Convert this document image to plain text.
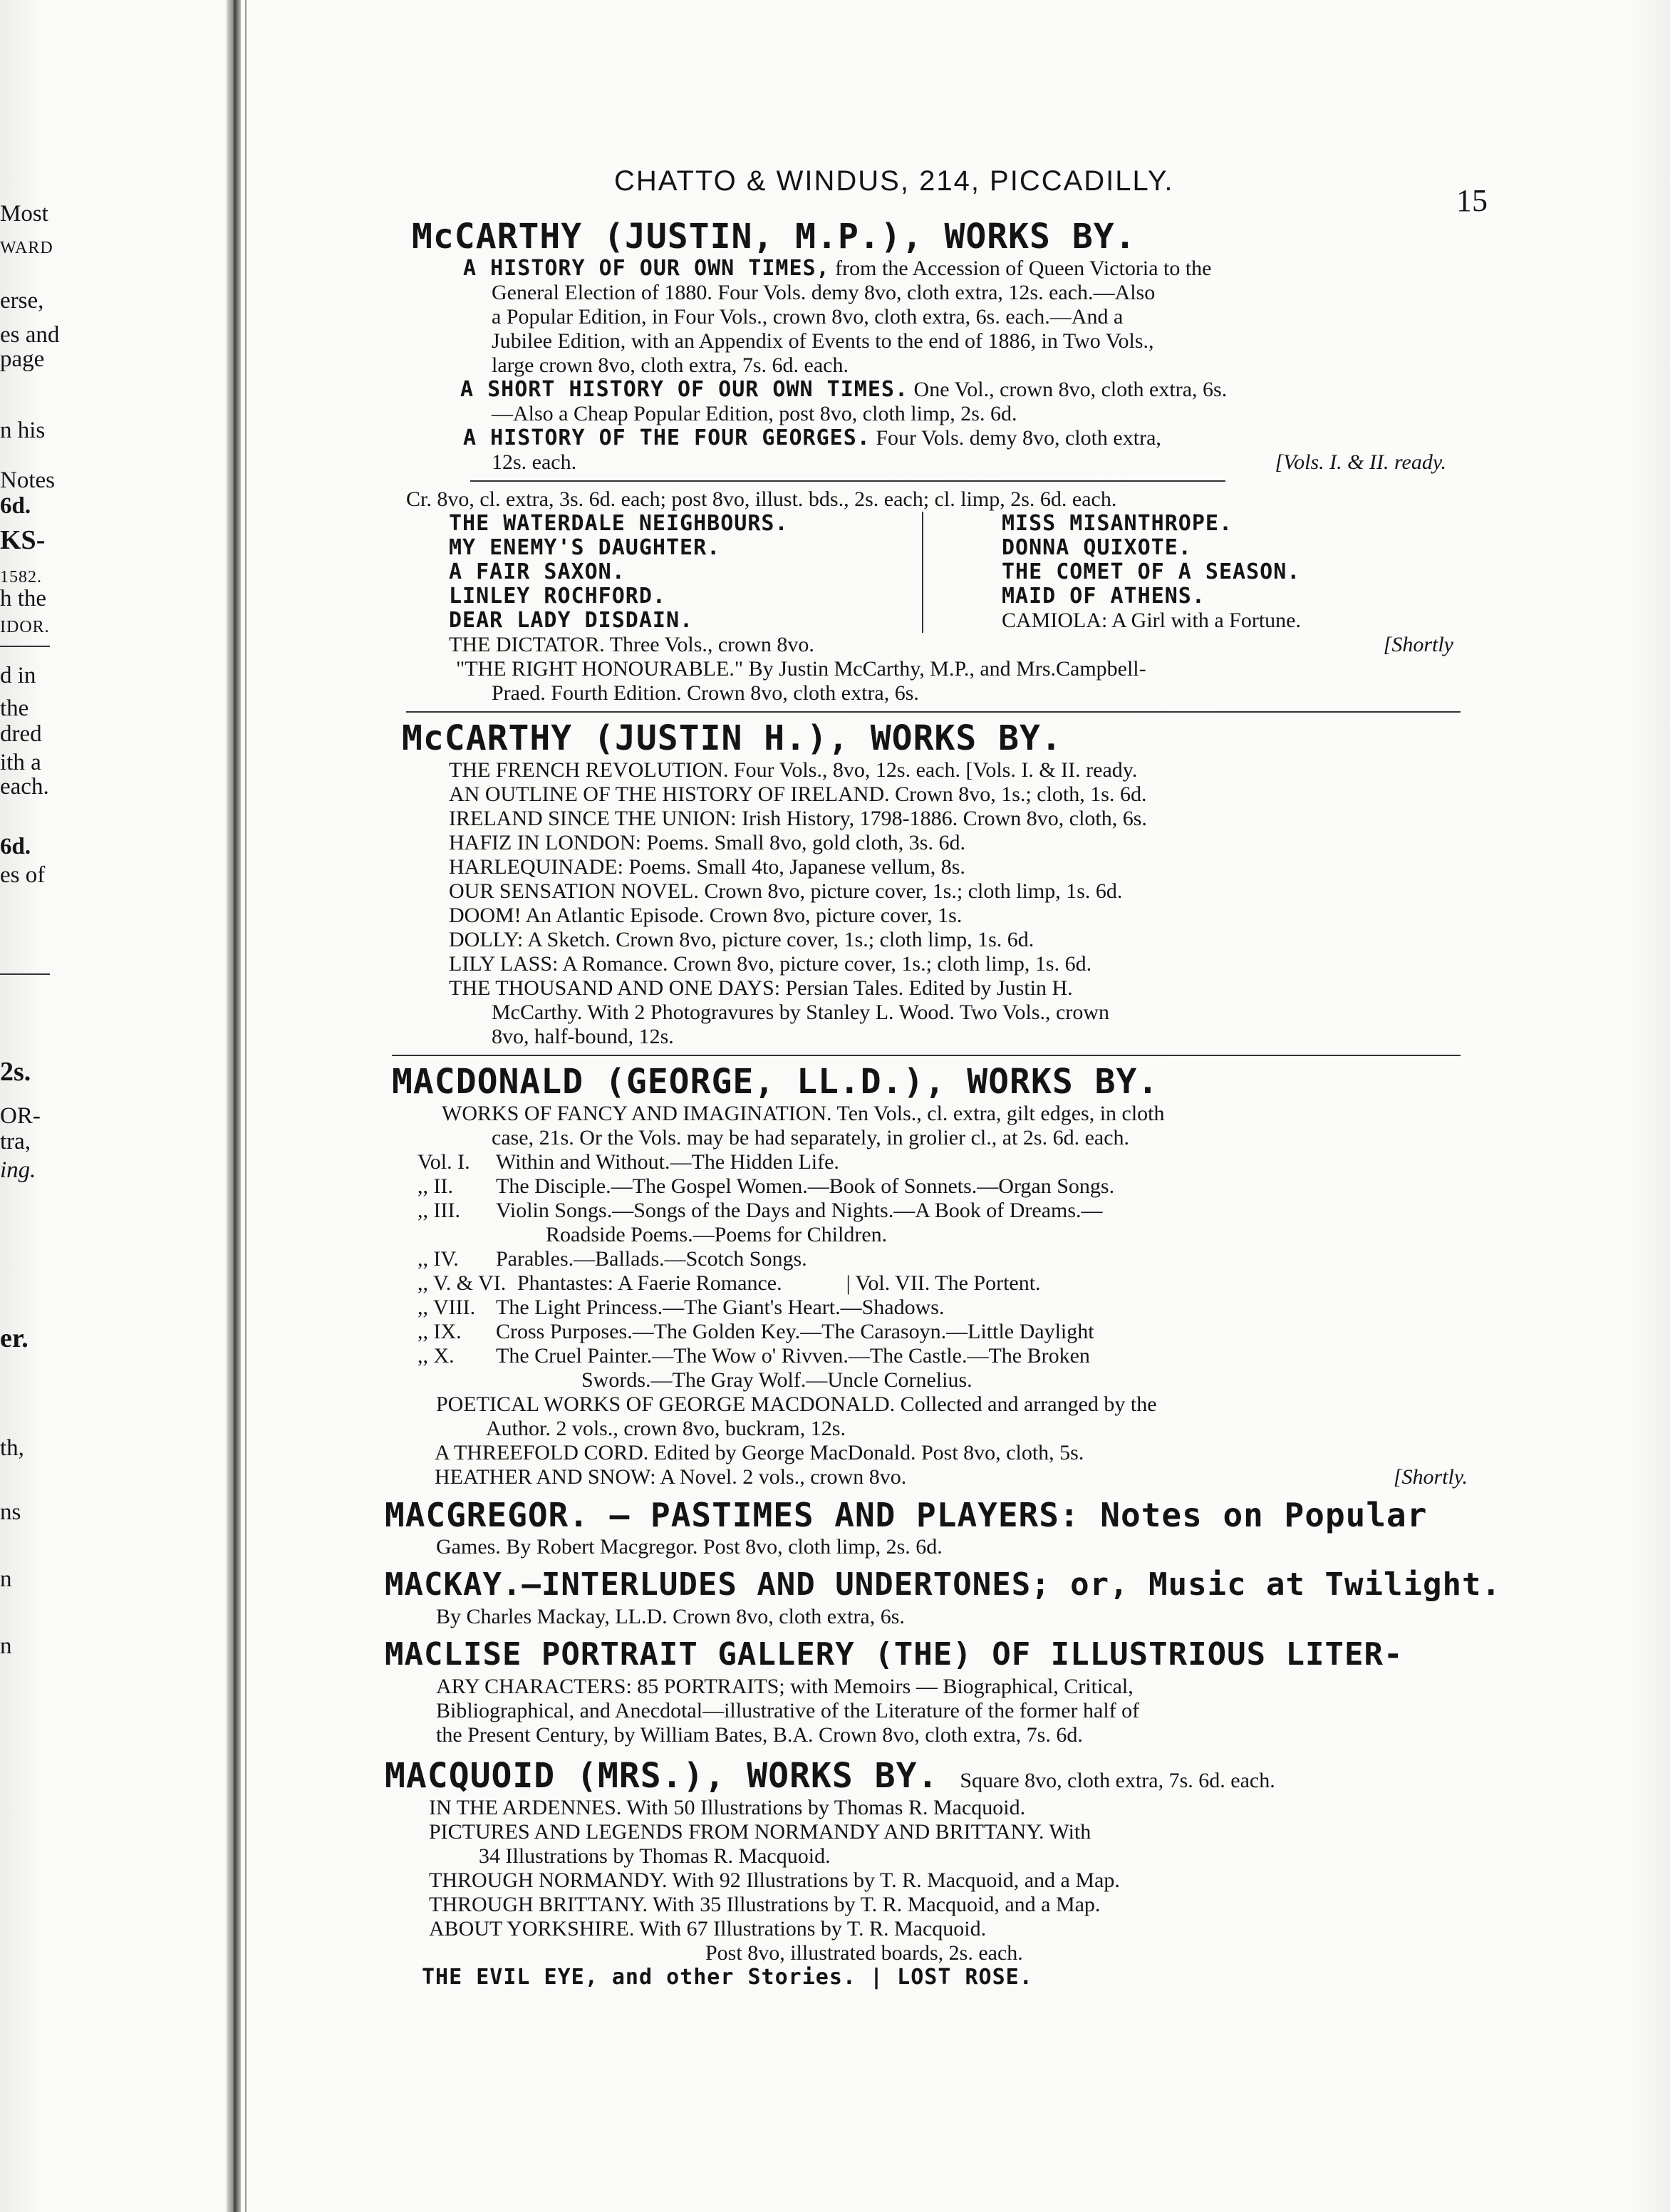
Most
WARD
erse,
es and
page
n his
Notes
6d.
KS-
1582.
h the
IDOR.
d in
the
dred
ith a
each.
6d.
es of
2s.
OR-
tra,
ing.
er.
th,
ns
n
n
CHATTO & WINDUS, 214, PICCADILLY.
15
McCARTHY (JUSTIN, M.P.), WORKS BY.
A HISTORY OF OUR OWN TIMES, from the Accession of Queen Victoria to the
General Election of 1880. Four Vols. demy 8vo, cloth extra, 12s. each.—Also
a Popular Edition, in Four Vols., crown 8vo, cloth extra, 6s. each.—And a
Jubilee Edition, with an Appendix of Events to the end of 1886, in Two Vols.,
large crown 8vo, cloth extra, 7s. 6d. each.
A SHORT HISTORY OF OUR OWN TIMES. One Vol., crown 8vo, cloth extra, 6s.
—Also a Cheap Popular Edition, post 8vo, cloth limp, 2s. 6d.
A HISTORY OF THE FOUR GEORGES. Four Vols. demy 8vo, cloth extra,
12s. each.	[Vols. I. & II. ready.
Cr. 8vo, cl. extra, 3s. 6d. each; post 8vo, illust. bds., 2s. each; cl. limp, 2s. 6d. each.
THE WATERDALE NEIGHBOURS.
MY ENEMY'S DAUGHTER.
A FAIR SAXON.
LINLEY ROCHFORD.
DEAR LADY DISDAIN.
MISS MISANTHROPE.
DONNA QUIXOTE.
THE COMET OF A SEASON.
MAID OF ATHENS.
CAMIOLA: A Girl with a Fortune.
THE DICTATOR. Three Vols., crown 8vo.	[Shortly
"THE RIGHT HONOURABLE." By Justin McCarthy, M.P., and Mrs.Campbell-
Praed. Fourth Edition. Crown 8vo, cloth extra, 6s.
McCARTHY (JUSTIN H.), WORKS BY.
THE FRENCH REVOLUTION. Four Vols., 8vo, 12s. each. [Vols. I. & II. ready.
AN OUTLINE OF THE HISTORY OF IRELAND. Crown 8vo, 1s.; cloth, 1s. 6d.
IRELAND SINCE THE UNION: Irish History, 1798-1886. Crown 8vo, cloth, 6s.
HAFIZ IN LONDON: Poems. Small 8vo, gold cloth, 3s. 6d.
HARLEQUINADE: Poems. Small 4to, Japanese vellum, 8s.
OUR SENSATION NOVEL. Crown 8vo, picture cover, 1s.; cloth limp, 1s. 6d.
DOOM! An Atlantic Episode. Crown 8vo, picture cover, 1s.
DOLLY: A Sketch. Crown 8vo, picture cover, 1s.; cloth limp, 1s. 6d.
LILY LASS: A Romance. Crown 8vo, picture cover, 1s.; cloth limp, 1s. 6d.
THE THOUSAND AND ONE DAYS: Persian Tales. Edited by Justin H.
McCarthy. With 2 Photogravures by Stanley L. Wood. Two Vols., crown
8vo, half-bound, 12s.
MACDONALD (GEORGE, LL.D.), WORKS BY.
WORKS OF FANCY AND IMAGINATION. Ten Vols., cl. extra, gilt edges, in cloth
case, 21s. Or the Vols. may be had separately, in grolier cl., at 2s. 6d. each.
Vol. I.	Within and Without.—The Hidden Life.
,, II.	The Disciple.—The Gospel Women.—Book of Sonnets.—Organ Songs.
,, III.	Violin Songs.—Songs of the Days and Nights.—A Book of Dreams.—
Roadside Poems.—Poems for Children.
,, IV.	Parables.—Ballads.—Scotch Songs.
,, V. & VI. Phantastes: A Faerie Romance.	| Vol. VII. The Portent.
,, VIII. The Light Princess.—The Giant's Heart.—Shadows.
,, IX.	Cross Purposes.—The Golden Key.—The Carasoyn.—Little Daylight
,, X.	The Cruel Painter.—The Wow o' Rivven.—The Castle.—The Broken
Swords.—The Gray Wolf.—Uncle Cornelius.
POETICAL WORKS OF GEORGE MACDONALD. Collected and arranged by the
Author. 2 vols., crown 8vo, buckram, 12s.
A THREEFOLD CORD. Edited by George MacDonald. Post 8vo, cloth, 5s.
HEATHER AND SNOW: A Novel. 2 vols., crown 8vo.	[Shortly.
MACGREGOR. — PASTIMES AND PLAYERS: Notes on Popular
Games. By Robert Macgregor. Post 8vo, cloth limp, 2s. 6d.
MACKAY.—INTERLUDES AND UNDERTONES; or, Music at Twilight.
By Charles Mackay, LL.D. Crown 8vo, cloth extra, 6s.
MACLISE PORTRAIT GALLERY (THE) OF ILLUSTRIOUS LITER-
ARY CHARACTERS: 85 PORTRAITS; with Memoirs — Biographical, Critical,
Bibliographical, and Anecdotal—illustrative of the Literature of the former half of
the Present Century, by William Bates, B.A. Crown 8vo, cloth extra, 7s. 6d.
MACQUOID (MRS.), WORKS BY. Square 8vo, cloth extra, 7s. 6d. each.
IN THE ARDENNES. With 50 Illustrations by Thomas R. Macquoid.
PICTURES AND LEGENDS FROM NORMANDY AND BRITTANY. With
34 Illustrations by Thomas R. Macquoid.
THROUGH NORMANDY. With 92 Illustrations by T. R. Macquoid, and a Map.
THROUGH BRITTANY. With 35 Illustrations by T. R. Macquoid, and a Map.
ABOUT YORKSHIRE. With 67 Illustrations by T. R. Macquoid.
Post 8vo, illustrated boards, 2s. each.
THE EVIL EYE, and other Stories. | LOST ROSE.
